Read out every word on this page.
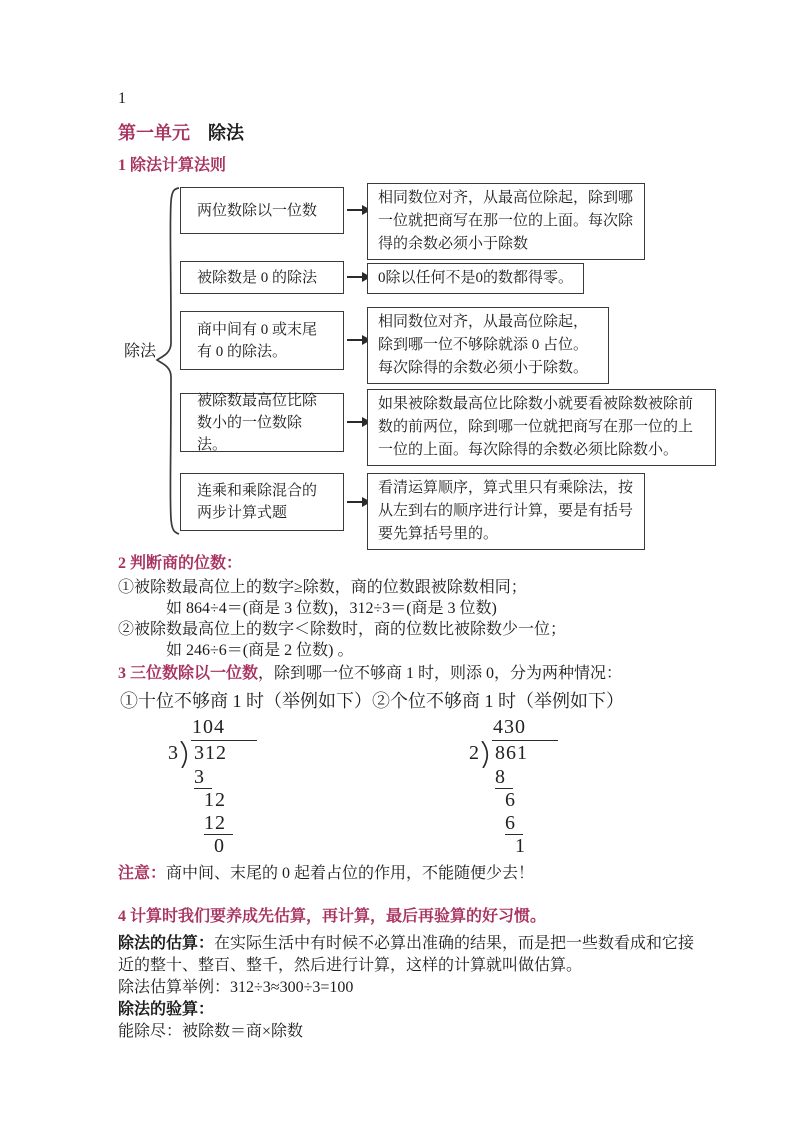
1

第一单元 除法

1 除法计算法则

除法
两位数除以一位数
被除数是 0 的除法
商中间有 0 或末尾有 0 的除法。
被除数最高位比除数小的一位数除法。
连乘和乘除混合的两步计算式题
相同数位对齐，从最高位除起，除到哪一位就把商写在那一位的上面。每次除得的余数必须小于除数
0除以任何不是0的数都得零。
相同数位对齐，从最高位除起，除到哪一位不够除就添 0 占位。每次除得的余数必须小于除数。
如果被除数最高位比除数小就要看被除数被除前数的前两位，除到哪一位就把商写在那一位的上一位的上面。每次除得的余数必须比除数小。
看清运算顺序，算式里只有乘除法，按从左到右的顺序进行计算，要是有括号要先算括号里的。

2 判断商的位数：

①被除数最高位上的数字≥除数，商的位数跟被除数相同；

如 864÷4＝(商是 3 位数)，312÷3＝(商是 3 位数)

②被除数最高位上的数字＜除数时，商的位数比被除数少一位；

如 246÷6＝(商是 2 位数) 。

3 三位数除以一位数，除到哪一位不够商 1 时，则添 0，分为两种情况：

①十位不够商 1 时（举例如下）②个位不够商 1 时（举例如下）

104
3 312
3
12
12
0
430
2 861
8
6
6
1

注意：商中间、末尾的 0 起着占位的作用，不能随便少去！

4 计算时我们要养成先估算，再计算，最后再验算的好习惯。

除法的估算：在实际生活中有时候不必算出准确的结果，而是把一些数看成和它接近的整十、整百、整千，然后进行计算，这样的计算就叫做估算。

除法估算举例：312÷3≈300÷3=100

除法的验算：

能除尽：被除数＝商×除数
